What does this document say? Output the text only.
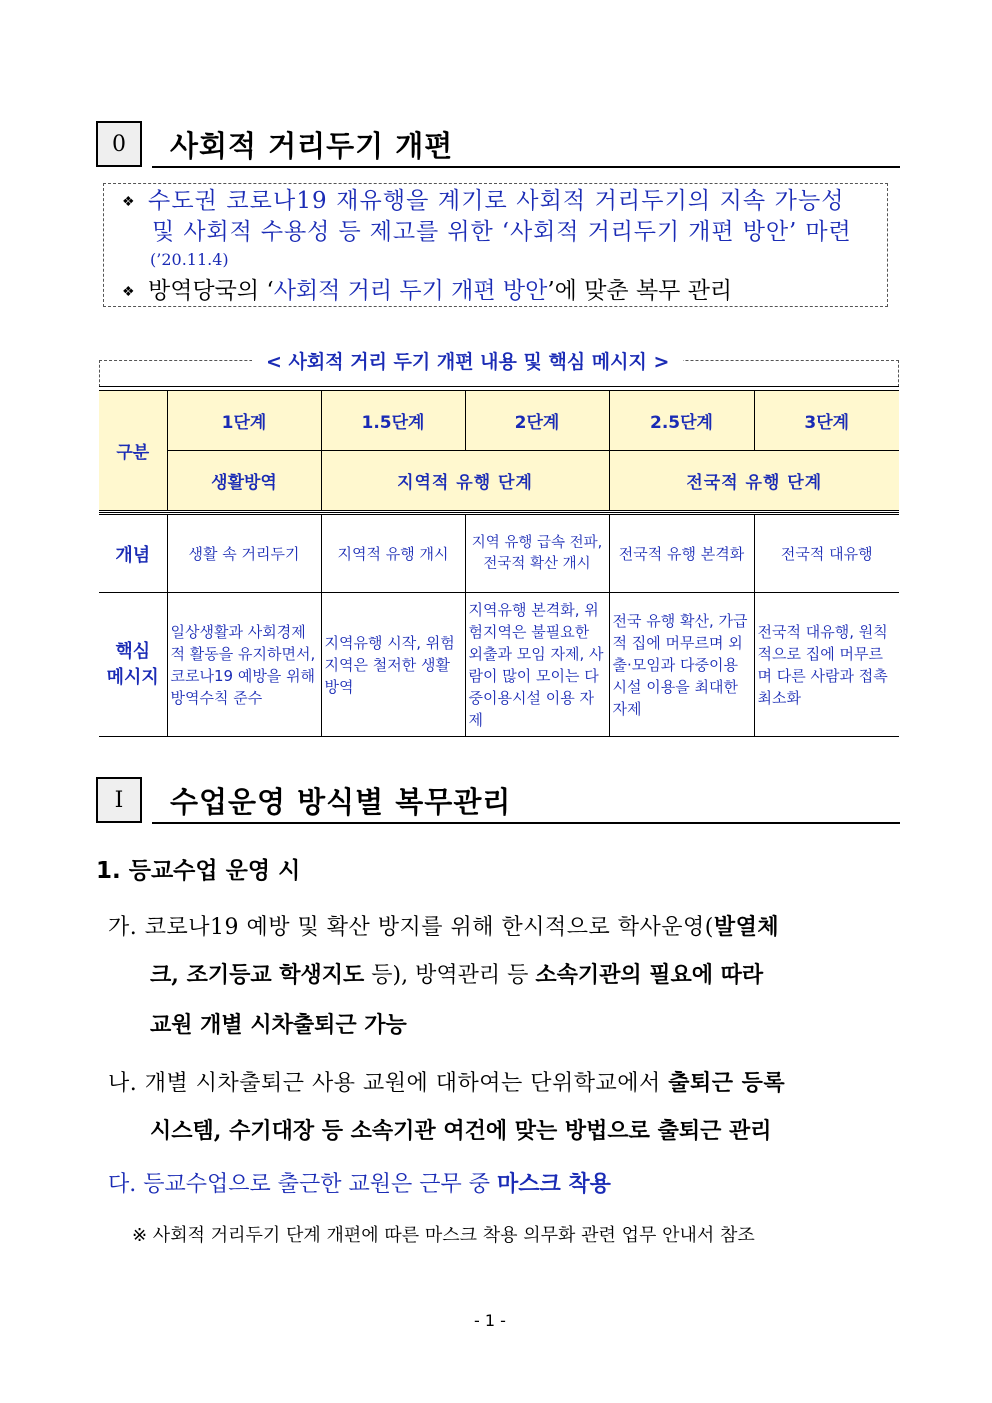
0	사회적 거리두기 개편
❖ 수도권 코로나19 재유행을 계기로 사회적 거리두기의 지속 가능성
및 사회적 수용성 등 제고를 위한 ‘사회적 거리두기 개편 방안’ 마련
(’20.11.4)
❖ 방역당국의 ‘사회적 거리 두기 개편 방안’에 맞춘 복무 관리
< 사회적 거리 두기 개편 내용 및 핵심 메시지 >
구분	1단계	1.5단계	2단계	2.5단계	3단계
	생활방역	지역적 유행 단계		전국적 유행 단계	
개념	생활 속 거리두기	지역적 유행 개시	지역 유행 급속 전파, 전국적 확산 개시	전국적 유행 본격화	전국적 대유행

핵심
메시지	일상생활과 사회경제적 활동을 유지하면서, 코로나19 예방을 위해 방역수칙 준수	지역유행 시작, 위험지역은 철저한 생활방역	지역유행 본격화, 위험지역은 불필요한 외출과 모임 자제, 사람이 많이 모이는 다중이용시설 이용 자제	전국 유행 확산, 가급적 집에 머무르며 외출·모임과 다중이용시설 이용을 최대한 자제	전국적 대유행, 원칙적으로 집에 머무르며 다른 사람과 접촉 최소화
I	수업운영 방식별 복무관리
1. 등교수업 운영 시
가. 코로나19 예방 및 확산 방지를 위해 한시적으로 학사운영(발열체
크, 조기등교 학생지도 등), 방역관리 등 소속기관의 필요에 따라
교원 개별 시차출퇴근 가능
나. 개별 시차출퇴근 사용 교원에 대하여는 단위학교에서 출퇴근 등록
시스템, 수기대장 등 소속기관 여건에 맞는 방법으로 출퇴근 관리
다. 등교수업으로 출근한 교원은 근무 중 마스크 착용
※ 사회적 거리두기 단계 개편에 따른 마스크 착용 의무화 관련 업무 안내서 참조
- 1 -
